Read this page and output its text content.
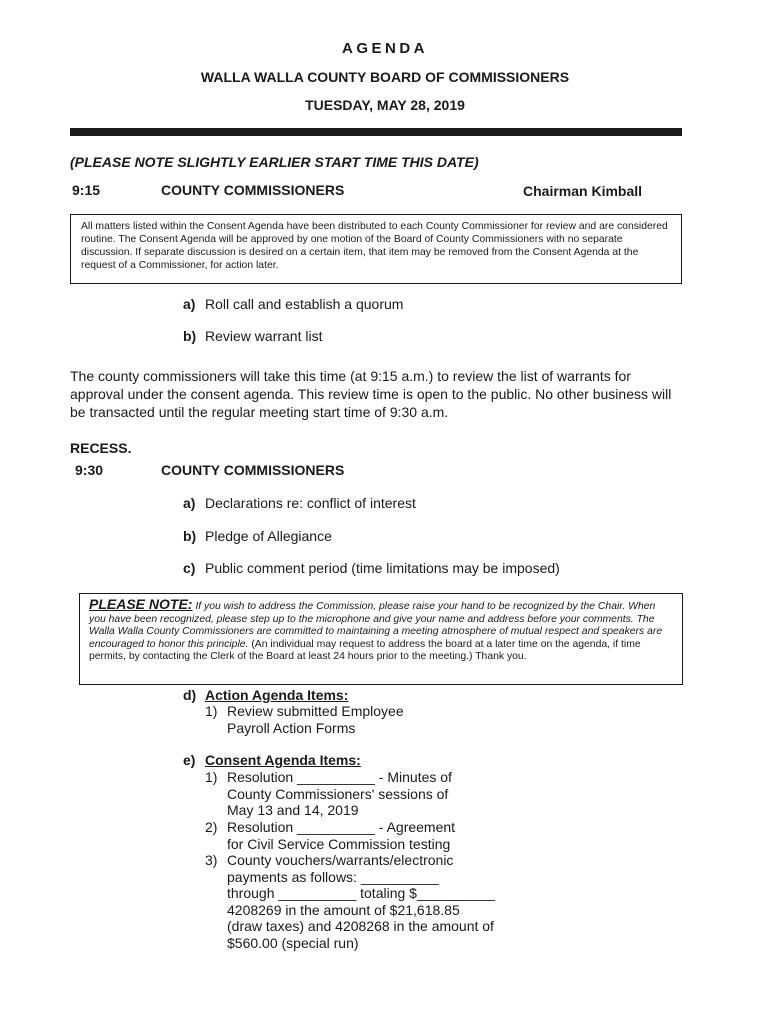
AGENDA
WALLA WALLA COUNTY BOARD OF COMMISSIONERS
TUESDAY, MAY 28, 2019
(PLEASE NOTE SLIGHTLY EARLIER START TIME THIS DATE)
9:15	COUNTY COMMISSIONERS	Chairman Kimball
All matters listed within the Consent Agenda have been distributed to each County Commissioner for review and are considered routine. The Consent Agenda will be approved by one motion of the Board of County Commissioners with no separate discussion. If separate discussion is desired on a certain item, that item may be removed from the Consent Agenda at the request of a Commissioner, for action later.
a) Roll call and establish a quorum
b) Review warrant list
The county commissioners will take this time (at 9:15 a.m.) to review the list of warrants for approval under the consent agenda. This review time is open to the public. No other business will be transacted until the regular meeting start time of 9:30 a.m.
RECESS.
9:30	COUNTY COMMISSIONERS
a) Declarations re: conflict of interest
b) Pledge of Allegiance
c) Public comment period (time limitations may be imposed)
PLEASE NOTE: If you wish to address the Commission, please raise your hand to be recognized by the Chair. When you have been recognized, please step up to the microphone and give your name and address before your comments. The Walla Walla County Commissioners are committed to maintaining a meeting atmosphere of mutual respect and speakers are encouraged to honor this principle. (An individual may request to address the board at a later time on the agenda, if time permits, by contacting the Clerk of the Board at least 24 hours prior to the meeting.) Thank you.
d) Action Agenda Items:
1) Review submitted Employee
Payroll Action Forms
e) Consent Agenda Items:
1) Resolution __________ - Minutes of
County Commissioners' sessions of
May 13 and 14, 2019
2) Resolution __________ - Agreement
for Civil Service Commission testing
3) County vouchers/warrants/electronic
payments as follows: __________
through __________ totaling $__________
4208269 in the amount of $21,618.85
(draw taxes) and 4208268 in the amount of
$560.00 (special run)
